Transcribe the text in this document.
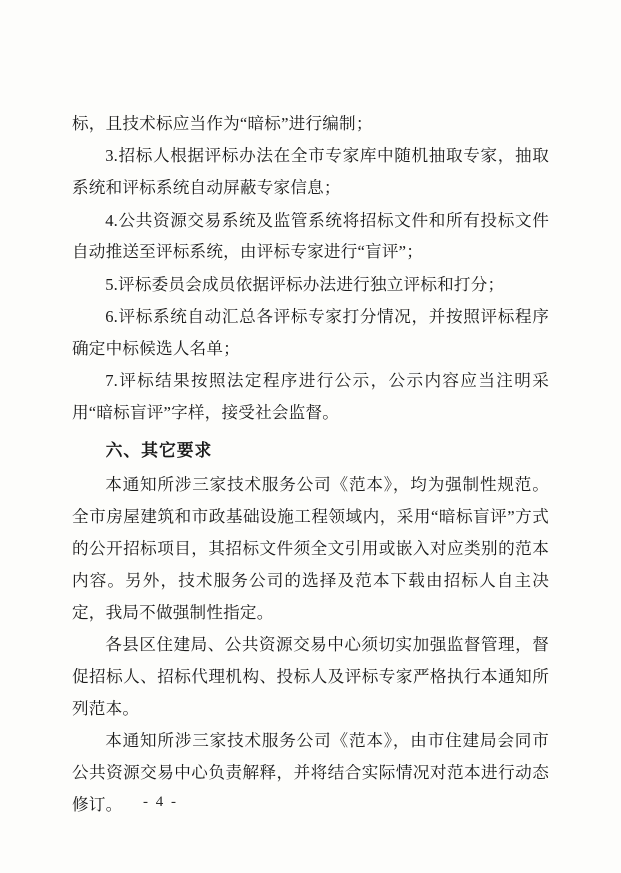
标，且技术标应当作为“暗标”进行编制；

3.招标人根据评标办法在全市专家库中随机抽取专家，抽取系统和评标系统自动屏蔽专家信息；

4.公共资源交易系统及监管系统将招标文件和所有投标文件自动推送至评标系统，由评标专家进行“盲评”；

5.评标委员会成员依据评标办法进行独立评标和打分；

6.评标系统自动汇总各评标专家打分情况，并按照评标程序确定中标候选人名单；

7.评标结果按照法定程序进行公示，公示内容应当注明采用“暗标盲评”字样，接受社会监督。

六、其它要求

本通知所涉三家技术服务公司《范本》，均为强制性规范。全市房屋建筑和市政基础设施工程领域内，采用“暗标盲评”方式的公开招标项目，其招标文件须全文引用或嵌入对应类别的范本内容。另外，技术服务公司的选择及范本下载由招标人自主决定，我局不做强制性指定。

各县区住建局、公共资源交易中心须切实加强监督管理，督促招标人、招标代理机构、投标人及评标专家严格执行本通知所列范本。

本通知所涉三家技术服务公司《范本》，由市住建局会同市公共资源交易中心负责解释，并将结合实际情况对范本进行动态修订。	- 4 -
